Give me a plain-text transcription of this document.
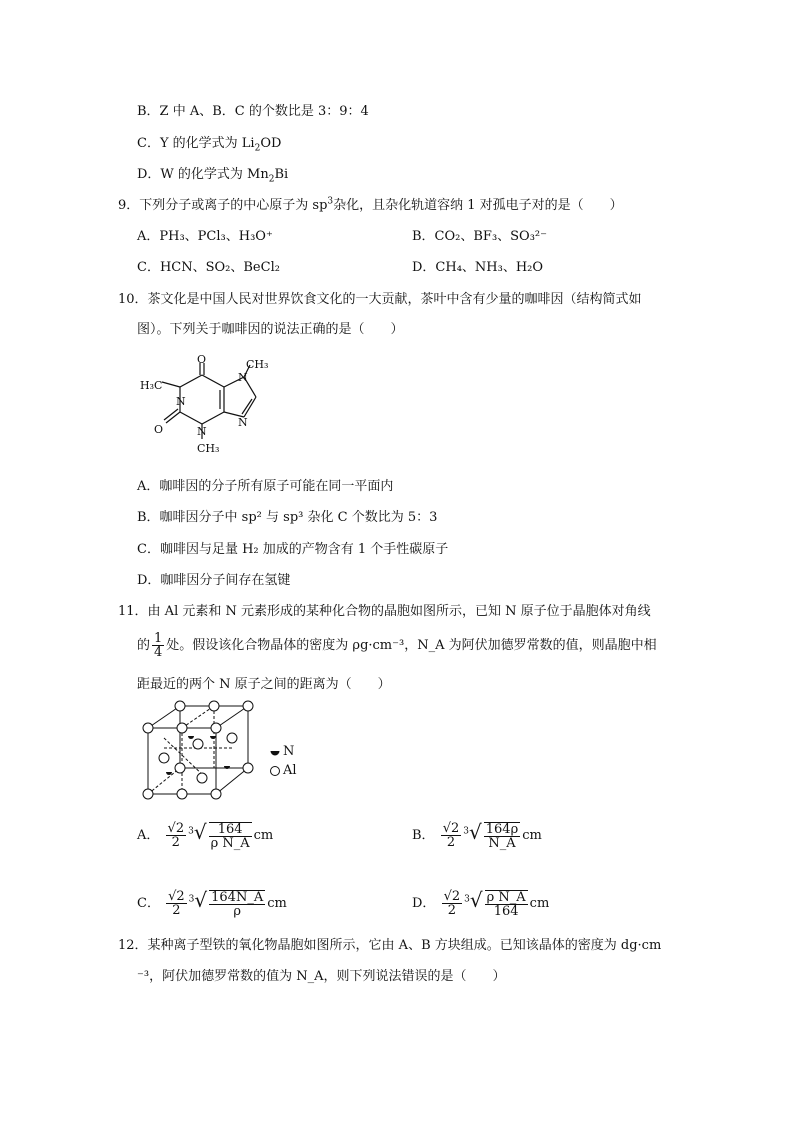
B．Z 中 A、B．C 的个数比是 3：9：4
C．Y 的化学式为 $Li_2OD$
D．W 的化学式为 $Mn_2Bi$
9．下列分子或离子的中心原子为 $sp^3$杂化，且杂化轨道容纳 1 对孤电子对的是（　　）
A．PH₃、PCl₃、H₃O⁺	B．CO₂、BF₃、SO₃²⁻
C．HCN、SO₂、BeCl₂	D．CH₄、NH₃、H₂O
10．茶文化是中国人民对世界饮食文化的一大贡献，茶叶中含有少量的咖啡因（结构简式如
图）。下列关于咖啡因的说法正确的是（　　）
O	CH₃
H₃C
N
N
N
N
O
CH₃
A．咖啡因的分子所有原子可能在同一平面内
B．咖啡因分子中 sp² 与 sp³ 杂化 C 个数比为 5：3
C．咖啡因与足量 H₂ 加成的产物含有 1 个手性碳原子
D．咖啡因分子间存在氢键
11．由 Al 元素和 N 元素形成的某种化合物的晶胞如图所示，已知 N 原子位于晶胞体对角线
的 $\frac{1}{4}$ 处。假设该化合物晶体的密度为 ρg·cm⁻³，N_A 为阿伏加德罗常数的值，则晶胞中相
距最近的两个 N 原子之间的距离为（　　）
N
Al
A． $\frac{√2}{2} ^3√ \frac{164}{\text{ρ N\_A}}$ cm	B． $\frac{√2}{2} ^3√ \frac{164\rho}{N\_A}$ cm
C． $\frac{√2}{2} ^3√ \frac{164N\_A}{\rho}$ cm	D． $\frac{√2}{2} ^3√ \frac{\text{ρ N\_A}}{164}$ cm
12．某种离子型铁的氧化物晶胞如图所示，它由 A、B 方块组成。已知该晶体的密度为 dg·cm
⁻³，阿伏加德罗常数的值为 N_A，则下列说法错误的是（　　）
